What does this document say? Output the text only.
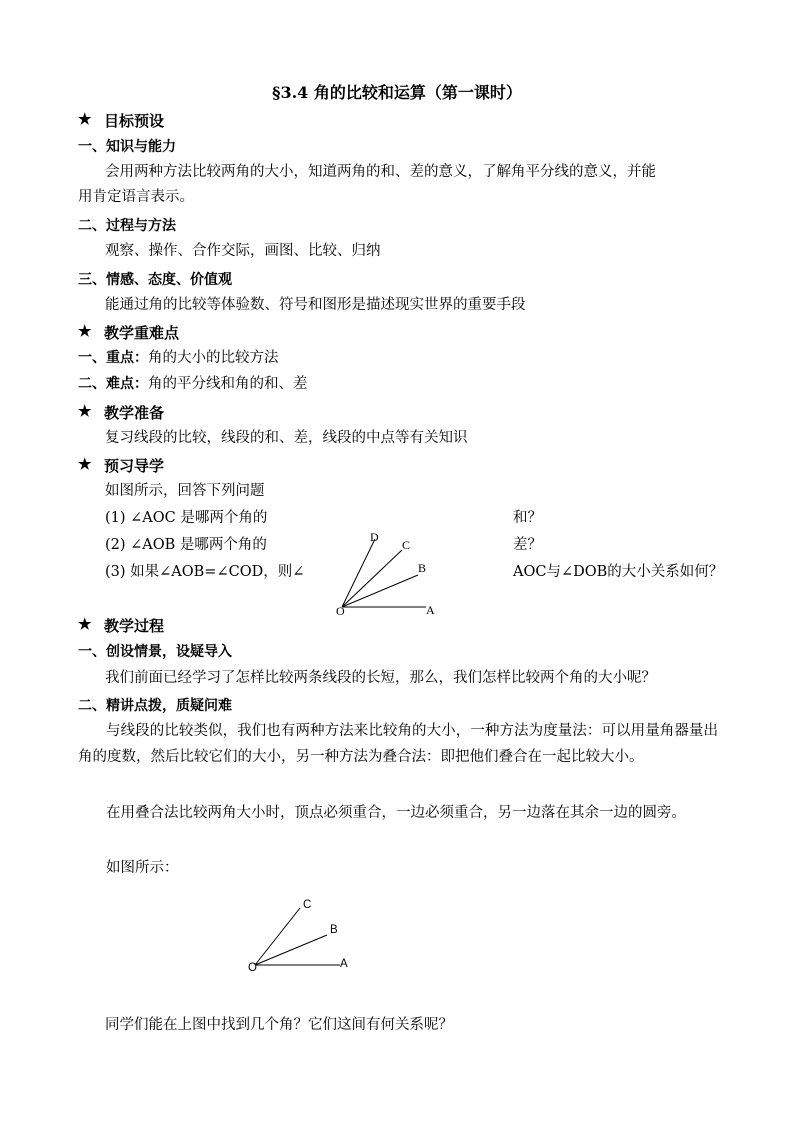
§3.4 角的比较和运算（第一课时）
★ 目标预设
一、知识与能力
会用两种方法比较两角的大小，知道两角的和、差的意义，了解角平分线的意义，并能
用肯定语言表示。
二、过程与方法
观察、操作、合作交际，画图、比较、归纳
三、情感、态度、价值观
能通过角的比较等体验数、符号和图形是描述现实世界的重要手段
★ 教学重难点
一、重点：角的大小的比较方法
二、难点：角的平分线和角的和、差
★ 教学准备
复习线段的比较，线段的和、差，线段的中点等有关知识
★ 预习导学
如图所示，回答下列问题
(1) ∠AOC 是哪两个角的	和？
(2) ∠AOB 是哪两个角的	差？
(3) 如果∠AOB=∠COD，则∠	AOC与∠DOB的大小关系如何？
D
C
B
O	A
★ 教学过程
一、创设情景，设疑导入
我们前面已经学习了怎样比较两条线段的长短，那么，我们怎样比较两个角的大小呢？
二、精讲点拨，质疑问难
与线段的比较类似，我们也有两种方法来比较角的大小，一种方法为度量法：可以用量角器量出角的度数，然后比较它们的大小，另一种方法为叠合法：即把他们叠合在一起比较大小。
在用叠合法比较两角大小时，顶点必须重合，一边必须重合，另一边落在其余一边的圆旁。
如图所示：
C
B
O	A
同学们能在上图中找到几个角？它们这间有何关系呢？
